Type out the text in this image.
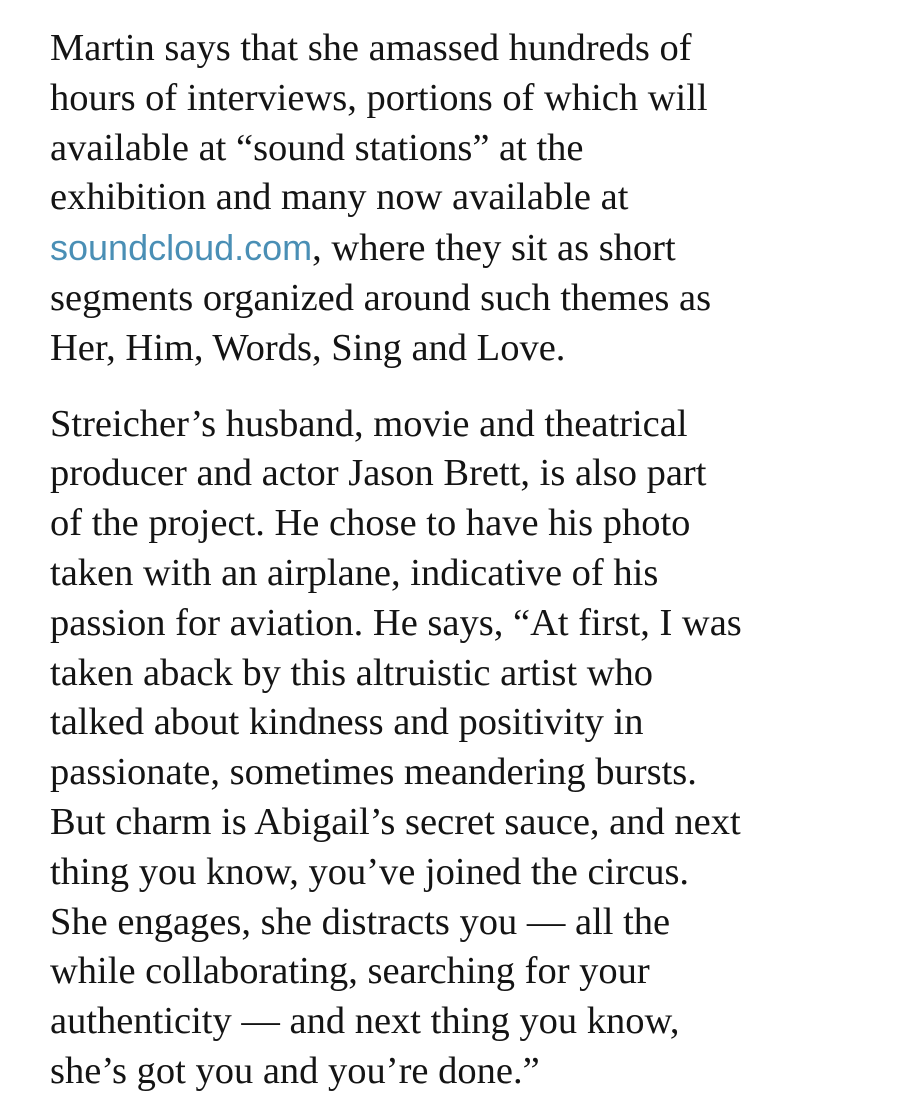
Martin says that she amassed hundreds of
hours of interviews, portions of which will
available at “sound stations” at the
exhibition and many now available at
soundcloud.com, where they sit as short
segments organized around such themes as
Her, Him, Words, Sing and Love.

Streicher’s husband, movie and theatrical
producer and actor Jason Brett, is also part
of the project. He chose to have his photo
taken with an airplane, indicative of his
passion for aviation. He says, “At first, I was
taken aback by this altruistic artist who
talked about kindness and positivity in
passionate, sometimes meandering bursts.
But charm is Abigail’s secret sauce, and next
thing you know, you’ve joined the circus.
She engages, she distracts you — all the
while collaborating, searching for your
authenticity — and next thing you know,
she’s got you and you’re done.”
